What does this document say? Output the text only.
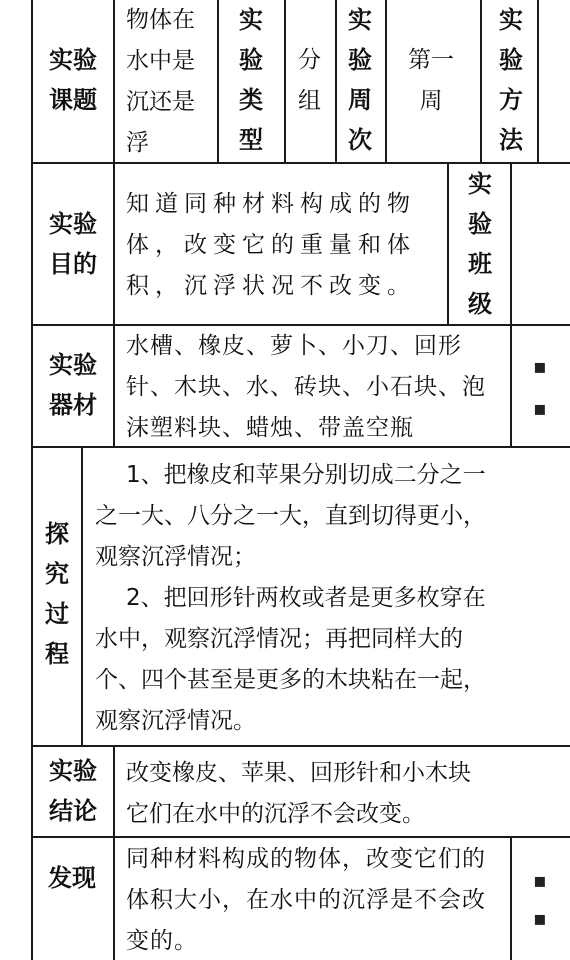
实验课题
物体在水中是沉还是浮
实验类型
分组
实验周次
第一周
实验方法
实验目的
知道同种材料构成的物体，改变它的重量和体积，沉浮状况不改变。
实验班级
实验器材
水槽、橡皮、萝卜、小刀、回形针、木块、水、砖块、小石块、泡沫塑料块、蜡烛、带盖空瓶
▪
▪
探究过程
1、把橡皮和苹果分别切成二分之一
之一大、八分之一大，直到切得更小，
观察沉浮情况；
2、把回形针两枚或者是更多枚穿在
水中，观察沉浮情况；再把同样大的
个、四个甚至是更多的木块粘在一起，
观察沉浮情况。
实验结论
改变橡皮、苹果、回形针和小木块
它们在水中的沉浮不会改变。
发现
同种材料构成的物体，改变它们的体积大小，在水中的沉浮是不会改变的。
▪
▪
